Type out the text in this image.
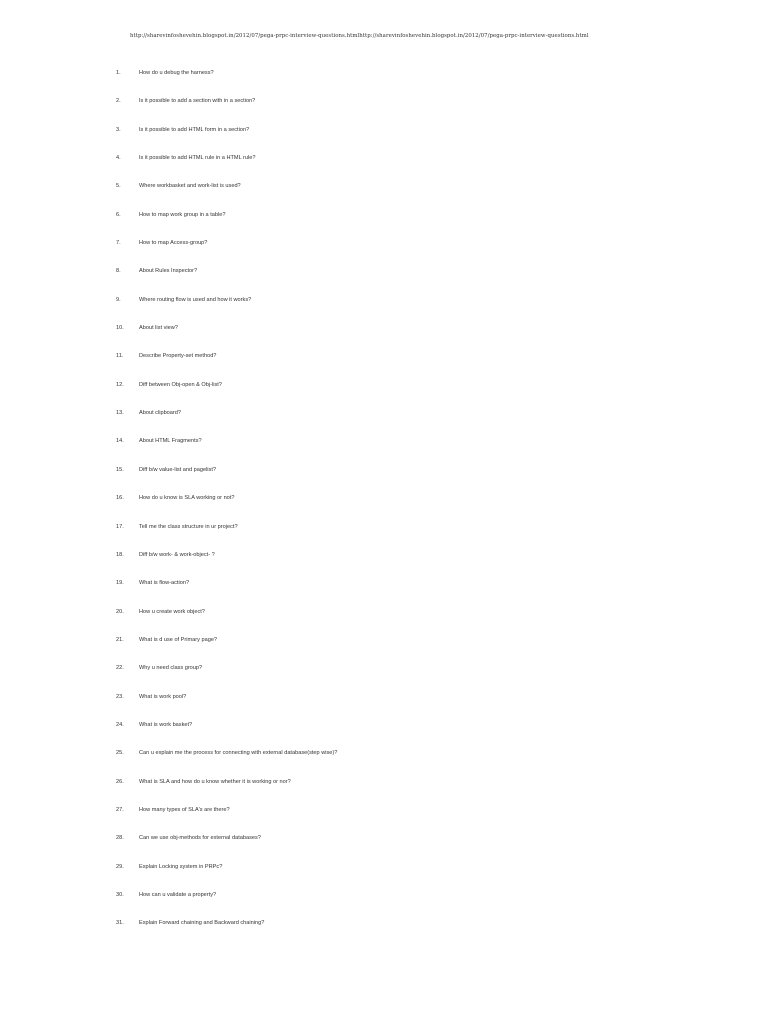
http://sharevinfoshevehin.blogspot.in/2012/07/pega-prpc-interview-questions.htmlhttp://sharevinfoshevehin.blogspot.in/2012/07/pega-prpc-interview-questions.html
1.	How do u debug the harness?
2.	Is it possible to add a section with in a section?
3.	Is it possible to add HTML form in a section?
4.	Is it possible to add HTML rule in a HTML rule?
5.	Where workbasket and work-list is used?
6.	How to map work group in a table?
7.	How to map Access-group?
8.	About Rules Inspector?
9.	Where routing flow is used and how it works?
10.	About list view?
11.	Describe Property-set method?
12.	Diff between Obj-open & Obj-list?
13.	About clipboard?
14.	About HTML Fragments?
15.	Diff b/w value-list and pagelist?
16.	How do u know is SLA working or not?
17.	Tell me the class structure in ur project?
18.	Diff b/w work- & work-object- ?
19.	What is flow-action?
20.	How u create work object?
21.	What is d use of Primary page?
22.	Why u need class group?
23.	What is work pool?
24.	What is work basket?
25.	Can u explain me the process for connecting with external database(step wise)?
26.	What is SLA and how do u know whether it is working or nor?
27.	How many types of SLA's are there?
28.	Can we use obj-methods for external databases?
29.	Explain Locking system in PRPc?
30.	How can u validate a property?
31.	Explain Forward chaining and Backward chaining?
